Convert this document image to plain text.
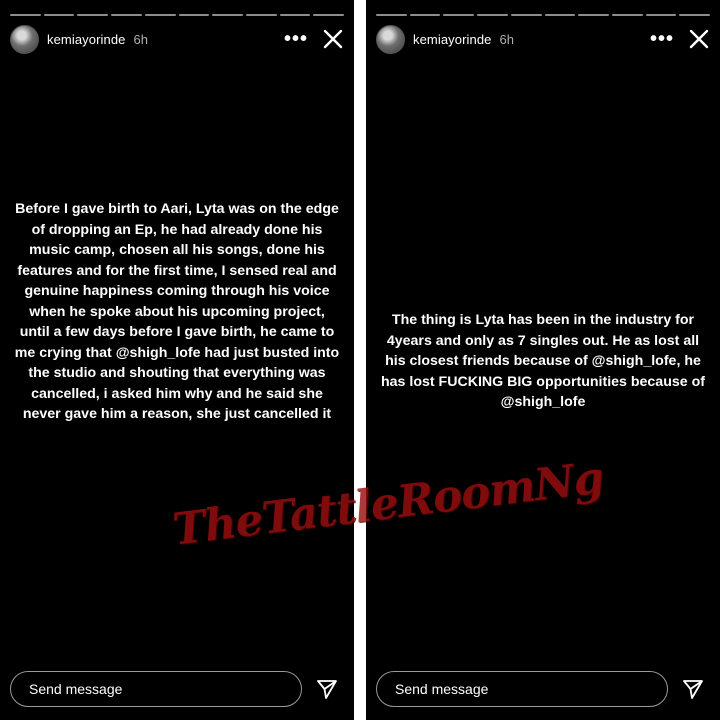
kemiayorinde 6h	•••
Before I gave birth to Aari, Lyta was on the edge of dropping an Ep, he had already done his music camp, chosen all his songs, done his features and for the first time, I sensed real and genuine happiness coming through his voice when he spoke about his upcoming project, until a few days before I gave birth, he came to me crying that @shigh_lofe had just busted into the studio and shouting that everything was cancelled, i asked him why and he said she never gave him a reason, she just cancelled it
Send message
kemiayorinde 6h	•••
The thing is Lyta has been in the industry for 4years and only as 7 singles out. He as lost all his closest friends because of @shigh_lofe, he has lost FUCKING BIG opportunities because of @shigh_lofe
Send message
TheTattleRoomNg
